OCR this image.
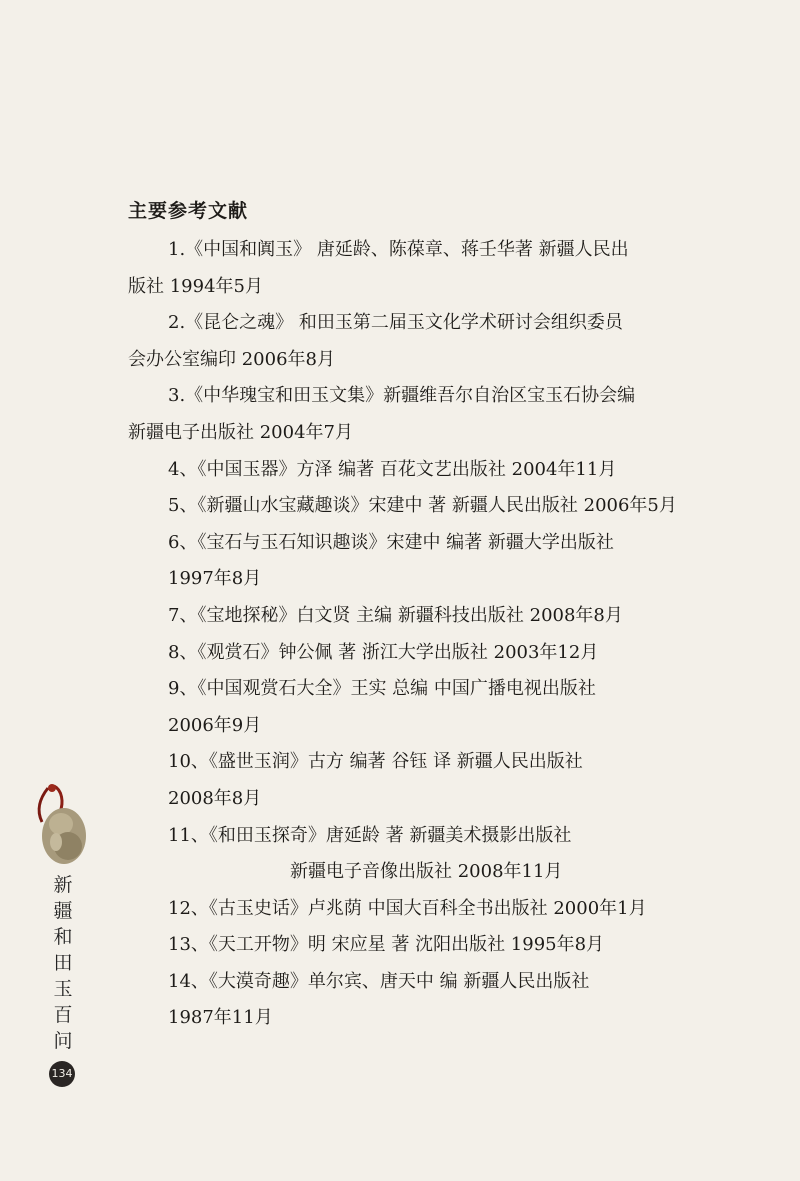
主要参考文献
1.《中国和阗玉》 唐延龄、陈葆章、蒋壬华著 新疆人民出
版社 1994年5月
2.《昆仑之魂》 和田玉第二届玉文化学术研讨会组织委员
会办公室编印 2006年8月
3.《中华瑰宝和田玉文集》新疆维吾尔自治区宝玉石协会编
新疆电子出版社 2004年7月
4、《中国玉器》方泽 编著 百花文艺出版社 2004年11月
5、《新疆山水宝藏趣谈》宋建中 著 新疆人民出版社 2006年5月
6、《宝石与玉石知识趣谈》宋建中 编著 新疆大学出版社
1997年8月
7、《宝地探秘》白文贤 主编 新疆科技出版社 2008年8月
8、《观赏石》钟公佩 著 浙江大学出版社 2003年12月
9、《中国观赏石大全》王实 总编 中国广播电视出版社
2006年9月
10、《盛世玉润》古方 编著 谷钰 译 新疆人民出版社
2008年8月
11、《和田玉探奇》唐延龄 著 新疆美术摄影出版社
新疆电子音像出版社 2008年11月
12、《古玉史话》卢兆荫 中国大百科全书出版社 2000年1月
13、《天工开物》明 宋应星 著 沈阳出版社 1995年8月
14、《大漠奇趣》单尔宾、唐天中 编 新疆人民出版社
1987年11月
新
疆
和
田
玉
百
问
134
